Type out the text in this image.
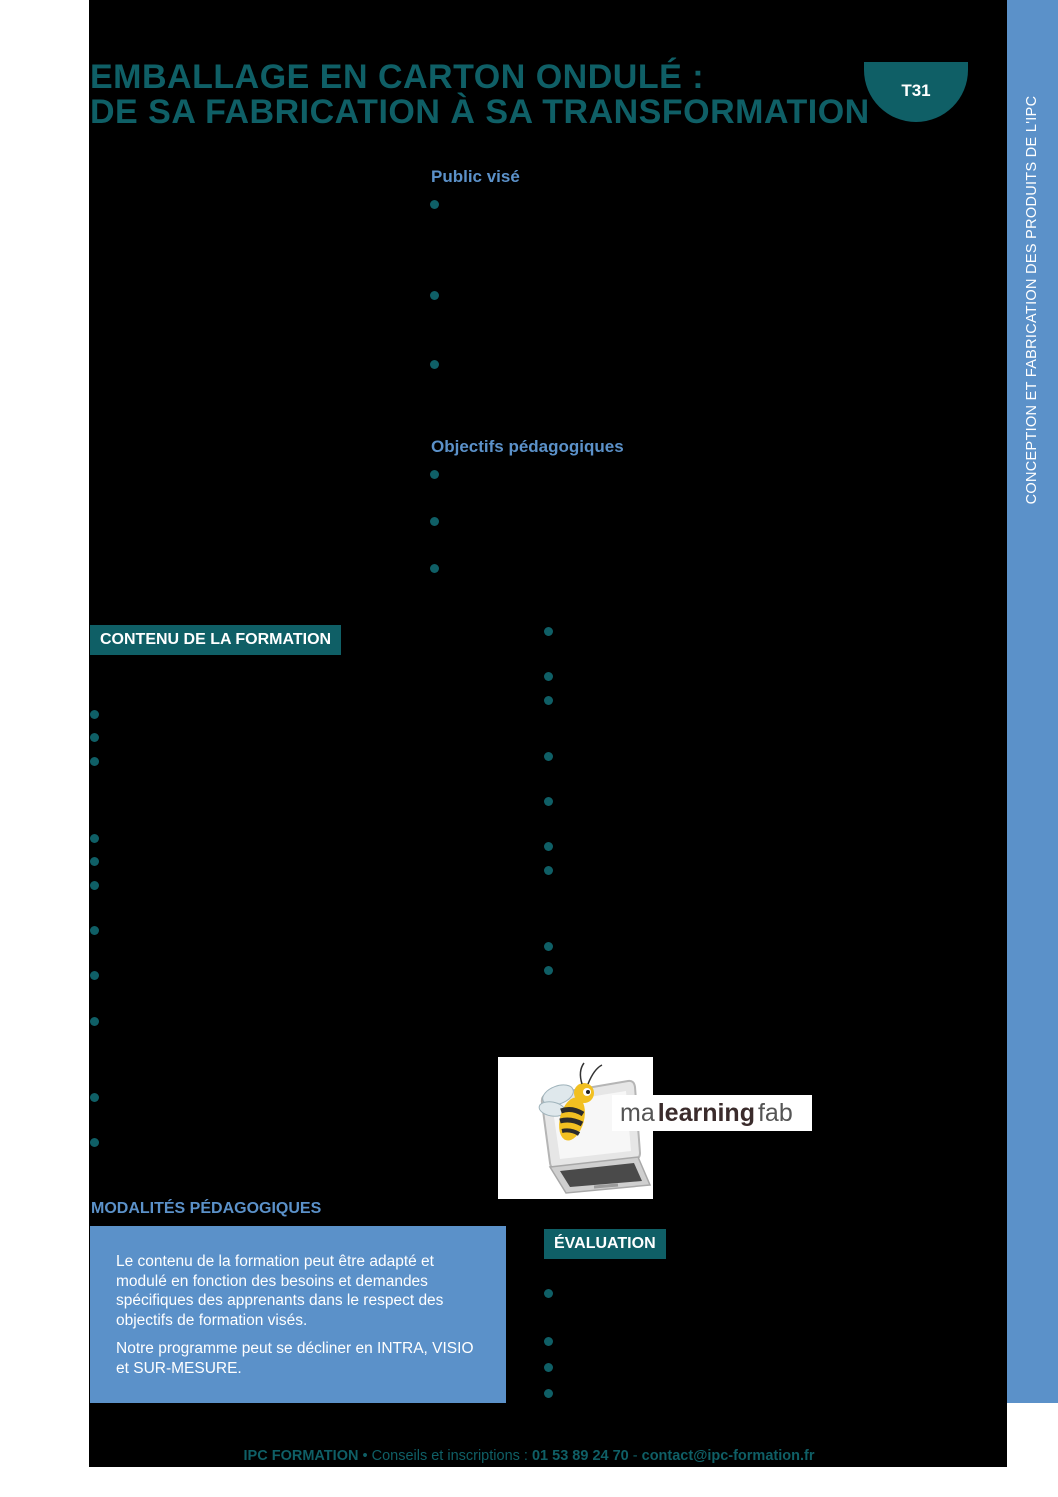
CONCEPTION ET FABRICATION DES PRODUITS DE L'IPC
EMBALLAGE EN CARTON ONDULÉ :
DE SA FABRICATION À SA TRANSFORMATION
T31
Public visé
Objectifs pédagogiques
CONTENU DE LA FORMATION
ma learning fab
MODALITÉS PÉDAGOGIQUES

Le contenu de la formation peut être adapté et modulé en fonction des besoins et demandes spécifiques des apprenants dans le respect des objectifs de formation visés.

Notre programme peut se décliner en INTRA, VISIO et SUR-MESURE.

ÉVALUATION
IPC FORMATION • Conseils et inscriptions : 01 53 89 24 70 - contact@ipc-formation.fr
